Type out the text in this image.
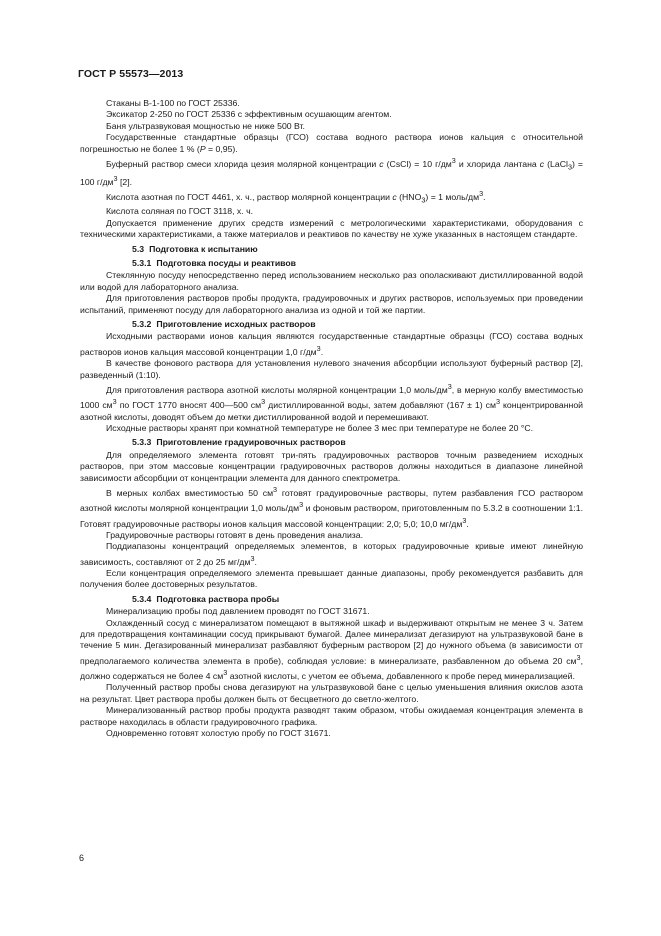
ГОСТ Р 55573—2013

Стаканы В-1-100 по ГОСТ 25336.

Эксикатор 2-250 по ГОСТ 25336 с эффективным осушающим агентом.

Баня ультразвуковая мощностью не ниже 500 Вт.

Государственные стандартные образцы (ГСО) состава водного раствора ионов кальция с относительной погрешностью не более 1 % (P = 0,95).

Буферный раствор смеси хлорида цезия молярной концентрации c (CsCl) = 10 $г/дм^3$ и хлорида лантана c (LaCl$_3$) = 100 $г/дм^3$ [2].

Кислота азотная по ГОСТ 4461, х. ч., раствор молярной концентрации c $(HNO_3) = 1$ моль/$дм^3$.

Кислота соляная по ГОСТ 3118, х. ч.

Допускается применение других средств измерений с метрологическими характеристиками, оборудования с техническими характеристиками, а также материалов и реактивов по качеству не хуже указанных в настоящем стандарте.

5.3 Подготовка к испытанию

5.3.1 Подготовка посуды и реактивов

Стеклянную посуду непосредственно перед использованием несколько раз ополаскивают дистиллированной водой или водой для лабораторного анализа.

Для приготовления растворов пробы продукта, градуировочных и других растворов, используемых при проведении испытаний, применяют посуду для лабораторного анализа из одной и той же партии.

5.3.2 Приготовление исходных растворов

Исходными растворами ионов кальция являются государственные стандартные образцы (ГСО) состава водных растворов ионов кальция массовой концентрации 1,0 $г/дм^3$.

В качестве фонового раствора для установления нулевого значения абсорбции используют буферный раствор [2], разведенный (1:10).

Для приготовления раствора азотной кислоты молярной концентрации 1,0 моль/$дм^3$, в мерную колбу вместимостью 1000 $см^3$ по ГОСТ 1770 вносят 400—500 $см^3$ дистиллированной воды, затем добавляют (167 ± 1) $см^3$ концентрированной азотной кислоты, доводят объем до метки дистиллированной водой и перемешивают.

Исходные растворы хранят при комнатной температуре не более 3 мес при температуре не более 20 °С.

5.3.3 Приготовление градуировочных растворов

Для определяемого элемента готовят три-пять градуировочных растворов точным разведением исходных растворов, при этом массовые концентрации градуировочных растворов должны находиться в диапазоне линейной зависимости абсорбции от концентрации элемента для данного спектрометра.

В мерных колбах вместимостью 50 $см^3$ готовят градуировочные растворы, путем разбавления ГСО раствором азотной кислоты молярной концентрации 1,0 моль/$дм^3$ и фоновым раствором, приготовленным по 5.3.2 в соотношении 1:1. Готовят градуировочные растворы ионов кальция массовой концентрации: 2,0; 5,0; 10,0 $мг/дм^3$.

Градуировочные растворы готовят в день проведения анализа.

Поддиапазоны концентраций определяемых элементов, в которых градуировочные кривые имеют линейную зависимость, составляют от 2 до 25 $мг/дм^3$.

Если концентрация определяемого элемента превышает данные диапазоны, пробу рекомендуется разбавить для получения более достоверных результатов.

5.3.4 Подготовка раствора пробы

Минерализацию пробы под давлением проводят по ГОСТ 31671.

Охлажденный сосуд с минерализатом помещают в вытяжной шкаф и выдерживают открытым не менее 3 ч. Затем для предотвращения контаминации сосуд прикрывают бумагой. Далее минерализат дегазируют на ультразвуковой бане в течение 5 мин. Дегазированный минерализат разбавляют буферным раствором [2] до нужного объема (в зависимости от предполагаемого количества элемента в пробе), соблюдая условие: в минерализате, разбавленном до объема 20 $см^3$, должно содержаться не более 4 $см^3$ азотной кислоты, с учетом ее объема, добавленного к пробе перед минерализацией.

Полученный раствор пробы снова дегазируют на ультразвуковой бане с целью уменьшения влияния окислов азота на результат. Цвет раствора пробы должен быть от бесцветного до светло-желтого.

Минерализованный раствор пробы продукта разводят таким образом, чтобы ожидаемая концентрация элемента в растворе находилась в области градуировочного графика.

Одновременно готовят холостую пробу по ГОСТ 31671.

6
